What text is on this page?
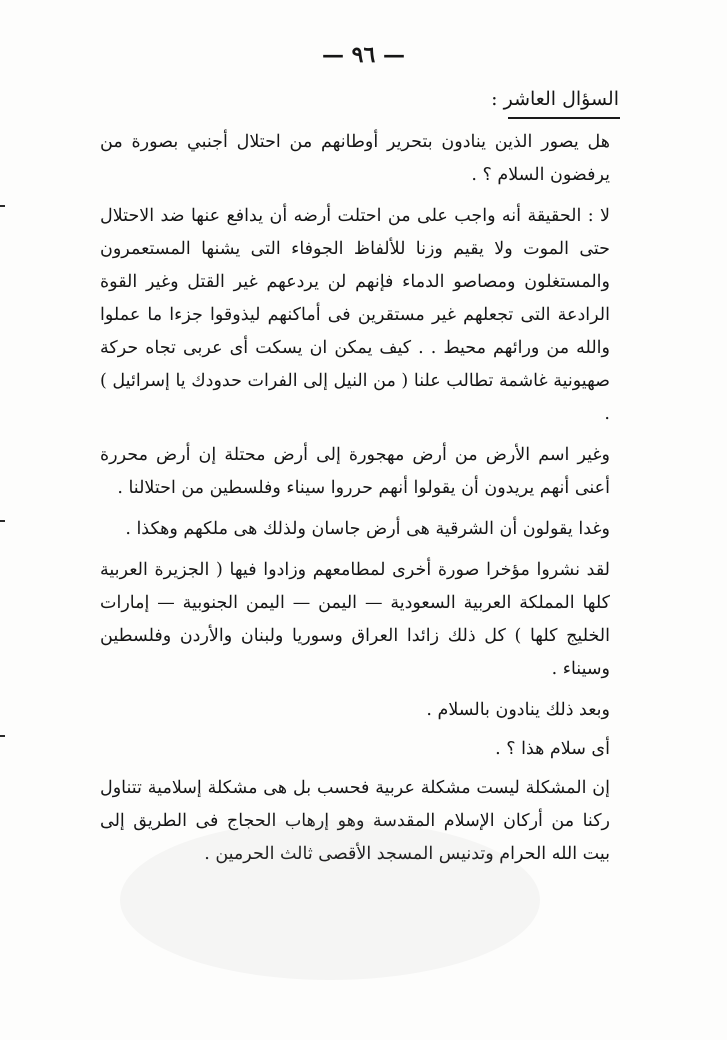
— ٩٦ —
السؤال العاشر :

هل يصور الذين ينادون بتحرير أوطانهم من احتلال أجنبي بصورة من يرفضون السلام ؟ .

لا : الحقيقة أنه واجب على من احتلت أرضه أن يدافع عنها ضد الاحتلال حتى الموت ولا يقيم وزنا للألفاظ الجوفاء التى يشنها المستعمرون والمستغلون ومصاصو الدماء فإنهم لن يردعهم غير القتل وغير القوة الرادعة التى تجعلهم غير مستقرين فى أماكنهم ليذوقوا جزءا ما عملوا والله من ورائهم محيط . . كيف يمكن ان يسكت أى عربى تجاه حركة صهيونية غاشمة تطالب علنا ( من النيل إلى الفرات حدودك يا إسرائيل ) .

وغير اسم الأرض من أرض مهجورة إلى أرض محتلة إن أرض محررة أعنى أنهم يريدون أن يقولوا أنهم حرروا سيناء وفلسطين من احتلالنا .

وغدا يقولون أن الشرقية هى أرض جاسان ولذلك هى ملكهم وهكذا .

لقد نشروا مؤخرا صورة أخرى لمطامعهم وزادوا فيها ( الجزيرة العربية كلها المملكة العربية السعودية — اليمن — اليمن الجنوبية — إمارات الخليج كلها ) كل ذلك زائدا العراق وسوريا ولبنان والأردن وفلسطين وسيناء .

وبعد ذلك ينادون بالسلام .

أى سلام هذا ؟ .

إن المشكلة ليست مشكلة عربية فحسب بل هى مشكلة إسلامية تتناول ركنا من أركان الإسلام المقدسة وهو إرهاب الحجاج فى الطريق إلى بيت الله الحرام وتدنيس المسجد الأقصى ثالث الحرمين .
